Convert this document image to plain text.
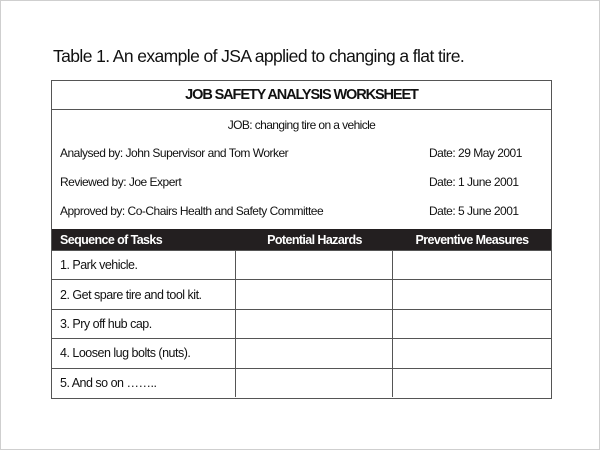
Table 1. An example of JSA applied to changing a flat tire.
JOB SAFETY ANALYSIS WORKSHEET
JOB: changing tire on a vehicle
Analysed by: John Supervisor and Tom Worker	Date: 29 May 2001
Reviewed by: Joe Expert	Date: 1 June 2001
Approved by: Co-Chairs Health and Safety Committee	Date: 5 June 2001
Sequence of Tasks	Potential Hazards	Preventive Measures
1. Park vehicle.
2. Get spare tire and tool kit.
3. Pry off hub cap.
4. Loosen lug bolts (nuts).
5. And so on ……..
